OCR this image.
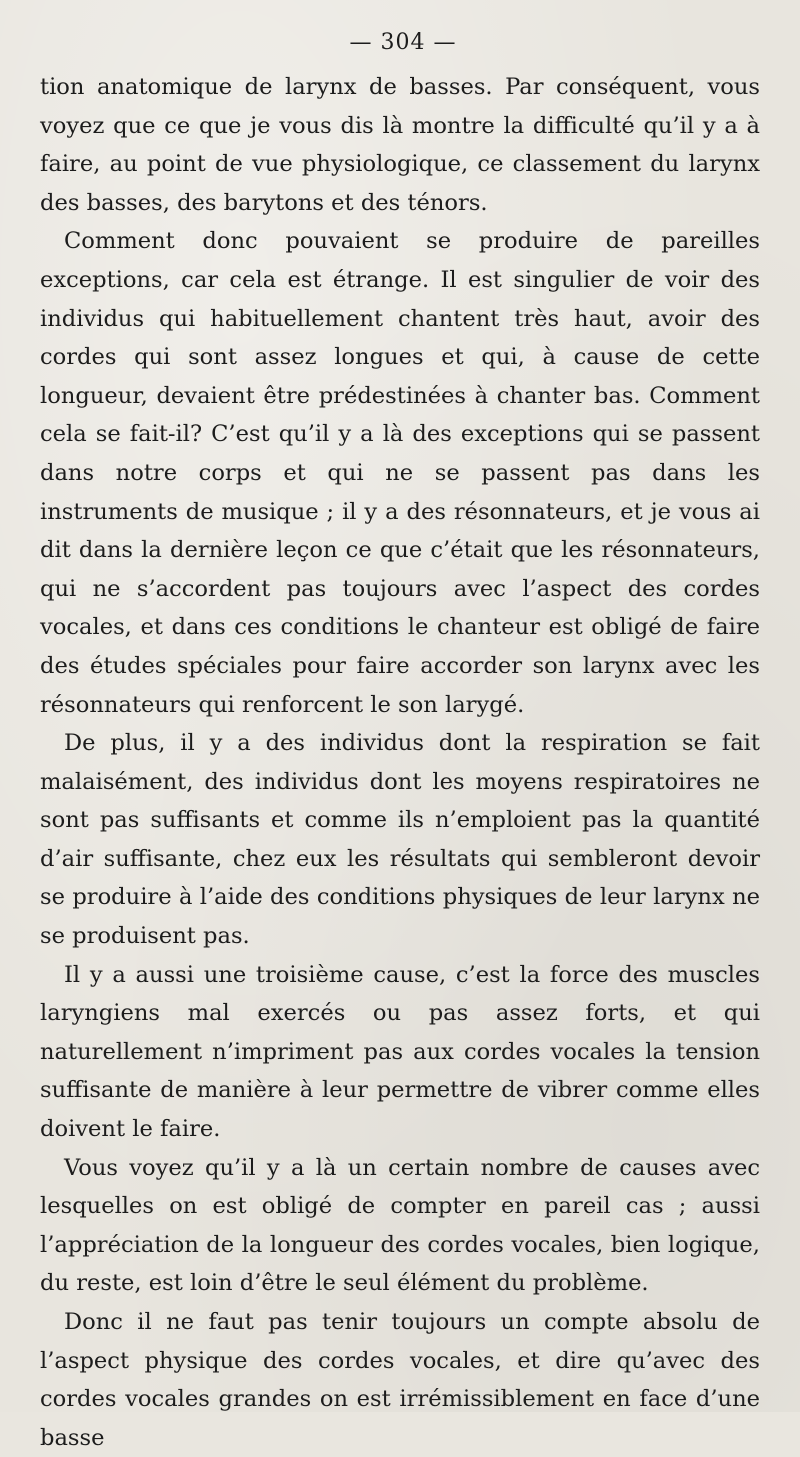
— 304 —

tion anatomique de larynx de basses. Par conséquent, vous voyez que ce que je vous dis là montre la difficulté qu’il y a à faire, au point de vue physiologique, ce classement du larynx des basses, des barytons et des ténors.

Comment donc pouvaient se produire de pareilles exceptions, car cela est étrange. Il est singulier de voir des individus qui habituellement chantent très haut, avoir des cordes qui sont assez longues et qui, à cause de cette longueur, devaient être prédestinées à chanter bas. Comment cela se fait-il? C’est qu’il y a là des exceptions qui se passent dans notre corps et qui ne se passent pas dans les instruments de musique ; il y a des résonnateurs, et je vous ai dit dans la dernière leçon ce que c’était que les résonnateurs, qui ne s’accordent pas toujours avec l’aspect des cordes vocales, et dans ces conditions le chanteur est obligé de faire des études spéciales pour faire accorder son larynx avec les résonnateurs qui renforcent le son larygé.

De plus, il y a des individus dont la respiration se fait malaisément, des individus dont les moyens respiratoires ne sont pas suffisants et comme ils n’emploient pas la quantité d’air suffisante, chez eux les résultats qui sembleront devoir se produire à l’aide des conditions physiques de leur larynx ne se produisent pas.

Il y a aussi une troisième cause, c’est la force des muscles laryngiens mal exercés ou pas assez forts, et qui naturellement n’impriment pas aux cordes vocales la tension suffisante de manière à leur permettre de vibrer comme elles doivent le faire.

Vous voyez qu’il y a là un certain nombre de causes avec lesquelles on est obligé de compter en pareil cas ; aussi l’appréciation de la longueur des cordes vocales, bien logique, du reste, est loin d’être le seul élément du problème.

Donc il ne faut pas tenir toujours un compte absolu de l’aspect physique des cordes vocales, et dire qu’avec des cordes vocales grandes on est irrémissiblement en face d’une basse
